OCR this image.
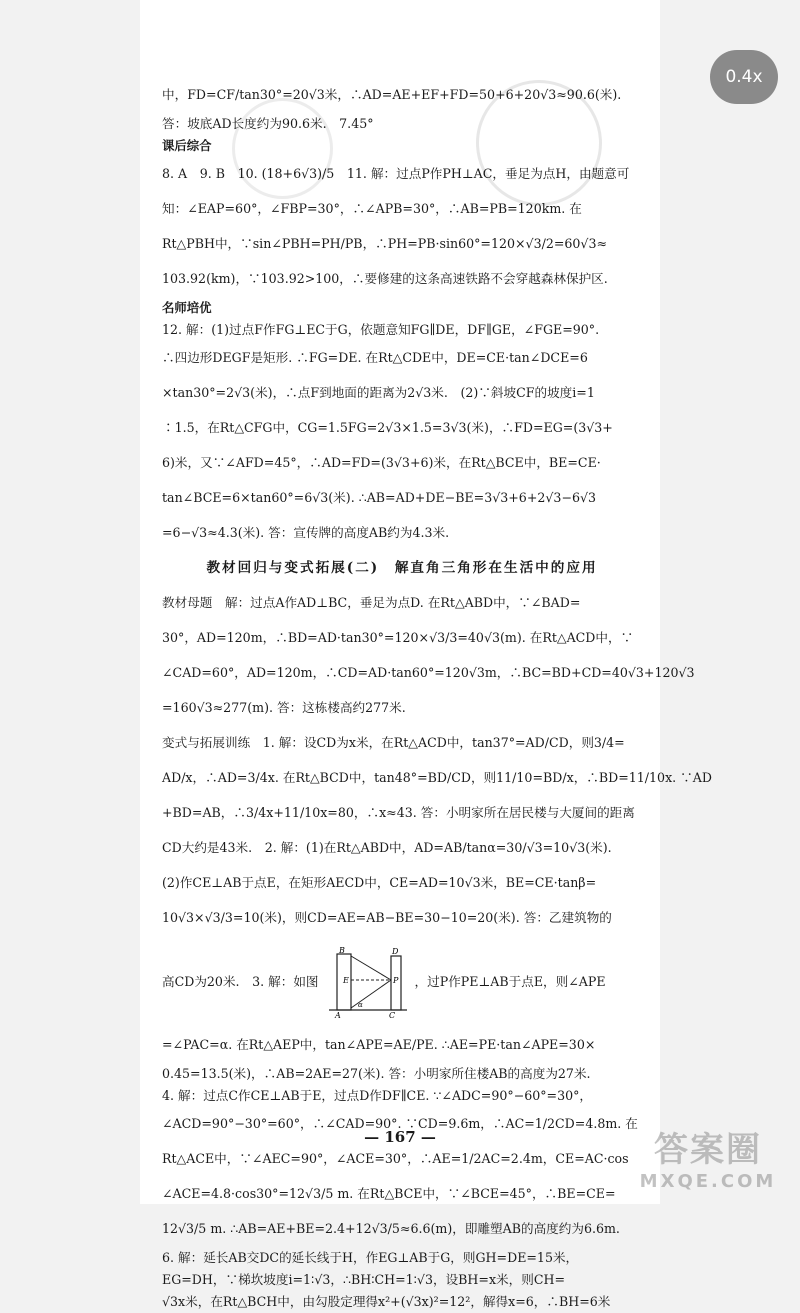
中，FD=CF/tan30°=20√3米，∴AD=AE+EF+FD=50+6+20√3≈90.6(米).
答：坡底AD长度约为90.6米.　7.45°
课后综合
8. A　9. B　10. (18+6√3)/5　11. 解：过点P作PH⊥AC，垂足为点H，由题意可
知：∠EAP=60°，∠FBP=30°，∴∠APB=30°，∴AB=PB=120km. 在
Rt△PBH中，∵sin∠PBH=PH/PB，∴PH=PB·sin60°=120×√3/2=60√3≈
103.92(km)，∵103.92>100，∴要修建的这条高速铁路不会穿越森林保护区.
名师培优
12. 解：(1)过点F作FG⊥EC于G，依题意知FG∥DE，DF∥GE，∠FGE=90°.
∴四边形DEGF是矩形. ∴FG=DE. 在Rt△CDE中，DE=CE·tan∠DCE=6
×tan30°=2√3(米)，∴点F到地面的距离为2√3米.　(2)∵斜坡CF的坡度i=1
∶1.5，在Rt△CFG中，CG=1.5FG=2√3×1.5=3√3(米)，∴FD=EG=(3√3+
6)米，又∵∠AFD=45°，∴AD=FD=(3√3+6)米，在Rt△BCE中，BE=CE·
tan∠BCE=6×tan60°=6√3(米). ∴AB=AD+DE−BE=3√3+6+2√3−6√3
=6−√3≈4.3(米). 答：宣传牌的高度AB约为4.3米.
教材回归与变式拓展(二)　解直角三角形在生活中的应用
教材母题　解：过点A作AD⊥BC，垂足为点D. 在Rt△ABD中，∵∠BAD=
30°，AD=120m，∴BD=AD·tan30°=120×√3/3=40√3(m). 在Rt△ACD中，∵
∠CAD=60°，AD=120m，∴CD=AD·tan60°=120√3m，∴BC=BD+CD=40√3+120√3
=160√3≈277(m). 答：这栋楼高约277米.
变式与拓展训练　1. 解：设CD为x米，在Rt△ACD中，tan37°=AD/CD，则3/4=
AD/x，∴AD=3/4x. 在Rt△BCD中，tan48°=BD/CD，则11/10=BD/x，∴BD=11/10x. ∵AD
+BD=AB，∴3/4x+11/10x=80，∴x≈43. 答：小明家所在居民楼与大厦间的距离
CD大约是43米.　2. 解：(1)在Rt△ABD中，AD=AB/tanα=30/√3=10√3(米).
(2)作CE⊥AB于点E，在矩形AECD中，CE=AD=10√3米，BE=CE·tanβ=
10√3×√3/3=10(米)，则CD=AE=AB−BE=30−10=20(米). 答：乙建筑物的
高CD为20米.　3. 解：如图
B	D
E	P
A	C
α
，过P作PE⊥AB于点E，则∠APE
=∠PAC=α. 在Rt△AEP中，tan∠APE=AE/PE. ∴AE=PE·tan∠APE=30×
0.45=13.5(米)，∴AB=2AE=27(米). 答：小明家所住楼AB的高度为27米.
4. 解：过点C作CE⊥AB于E，过点D作DF∥CE. ∵∠ADC=90°−60°=30°，
∠ACD=90°−30°=60°，∴∠CAD=90°. ∵CD=9.6m，∴AC=1/2CD=4.8m. 在
Rt△ACE中，∵∠AEC=90°，∠ACE=30°，∴AE=1/2AC=2.4m，CE=AC·cos
∠ACE=4.8·cos30°=12√3/5 m. 在Rt△BCE中，∵∠BCE=45°，∴BE=CE=
12√3/5 m. ∴AB=AE+BE=2.4+12√3/5≈6.6(m)，即雕塑AB的高度约为6.6m.
6. 解：延长AB交DC的延长线于H，作EG⊥AB于G，则GH=DE=15米，
EG=DH，∵梯坎坡度i=1∶√3，∴BH∶CH=1∶√3，设BH=x米，则CH=
√3x米，在Rt△BCH中，由勾股定理得x²+(√3x)²=12²，解得x=6，∴BH=6米
— 167 —
0.4x
答案圈
MXQE.COM
